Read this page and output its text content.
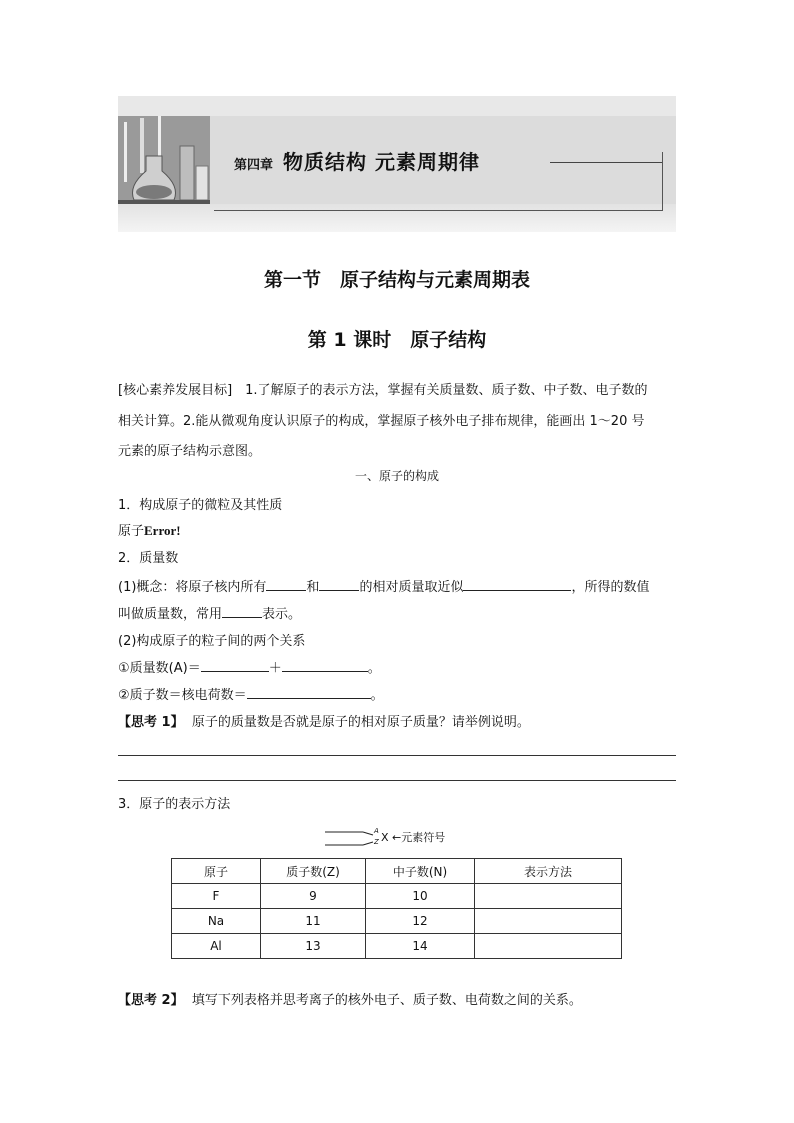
第四章 物质结构 元素周期律
第一节　原子结构与元素周期表
第 1 课时　原子结构
[核心素养发展目标]　1.了解原子的表示方法，掌握有关质量数、质子数、中子数、电子数的
相关计算。2.能从微观角度认识原子的构成，掌握原子核外电子排布规律，能画出 1～20 号
元素的原子结构示意图。
一、原子的构成
1．构成原子的微粒及其性质
原子Error!
2．质量数
(1)概念：将原子核内所有	和	的相对质量取近似	，所得的数值
叫做质量数，常用	表示。
(2)构成原子的粒子间的两个关系
①质量数(A)＝	＋	。
②质子数＝核电荷数＝	。
【思考 1】 原子的质量数是否就是原子的相对原子质量？请举例说明。
3．原子的表示方法
A
Z X ←元素符号
原子	质子数(Z)	中子数(N)	表示方法
F	9	10	
Na	11	12	
Al	13	14	
【思考 2】 填写下列表格并思考离子的核外电子、质子数、电荷数之间的关系。
